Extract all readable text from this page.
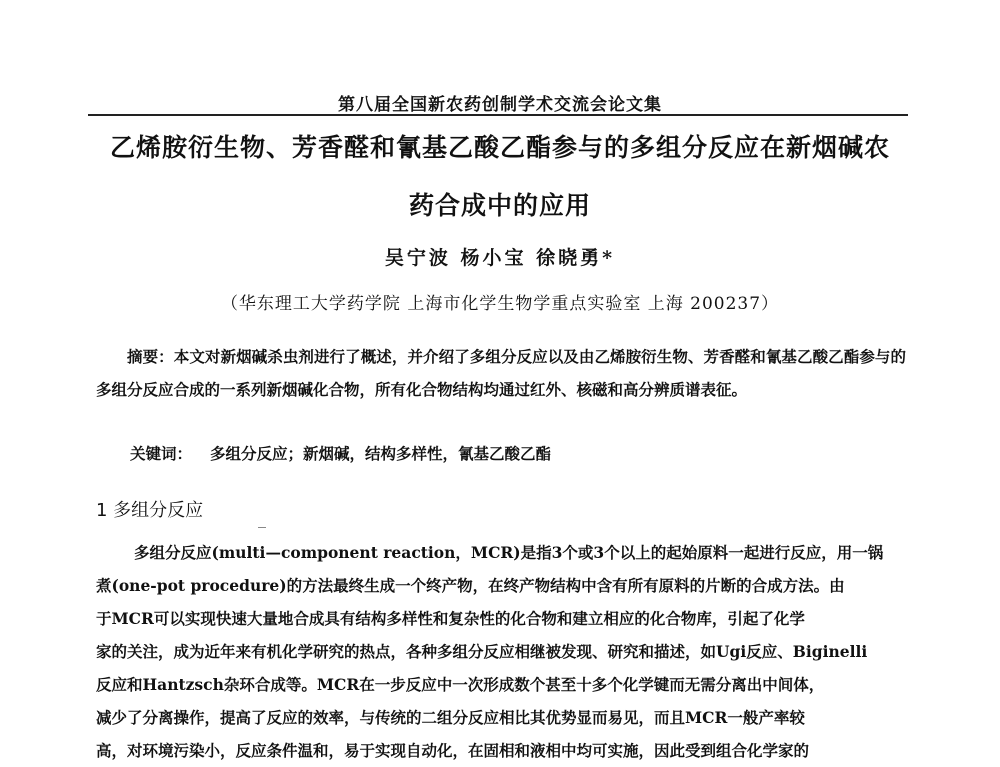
第八届全国新农药创制学术交流会论文集
乙烯胺衍生物、芳香醛和氰基乙酸乙酯参与的多组分反应在新烟碱农
药合成中的应用
吴宁波 杨小宝 徐晓勇*
（华东理工大学药学院 上海市化学生物学重点实验室 上海 200237）
摘要：本文对新烟碱杀虫剂进行了概述，并介绍了多组分反应以及由乙烯胺衍生物、芳香醛和氰基乙酸乙酯参与的多组分反应合成的一系列新烟碱化合物，所有化合物结构均通过红外、核磁和高分辨质谱表征。
关键词： 多组分反应；新烟碱，结构多样性，氰基乙酸乙酯
1 多组分反应
多组分反应(multi—component reaction，MCR)是指3个或3个以上的起始原料一起进行反应，用一锅
煮(one-pot procedure)的方法最终生成一个终产物，在终产物结构中含有所有原料的片断的合成方法。由
于MCR可以实现快速大量地合成具有结构多样性和复杂性的化合物和建立相应的化合物库，引起了化学
家的关注，成为近年来有机化学研究的热点，各种多组分反应相继被发现、研究和描述，如Ugi反应、Biginelli
反应和Hantzsch杂环合成等。MCR在一步反应中一次形成数个甚至十多个化学键而无需分离出中间体，
减少了分离操作，提高了反应的效率，与传统的二组分反应相比其优势显而易见，而且MCR一般产率较
高，对环境污染小，反应条件温和，易于实现自动化，在固相和液相中均可实施，因此受到组合化学家的
